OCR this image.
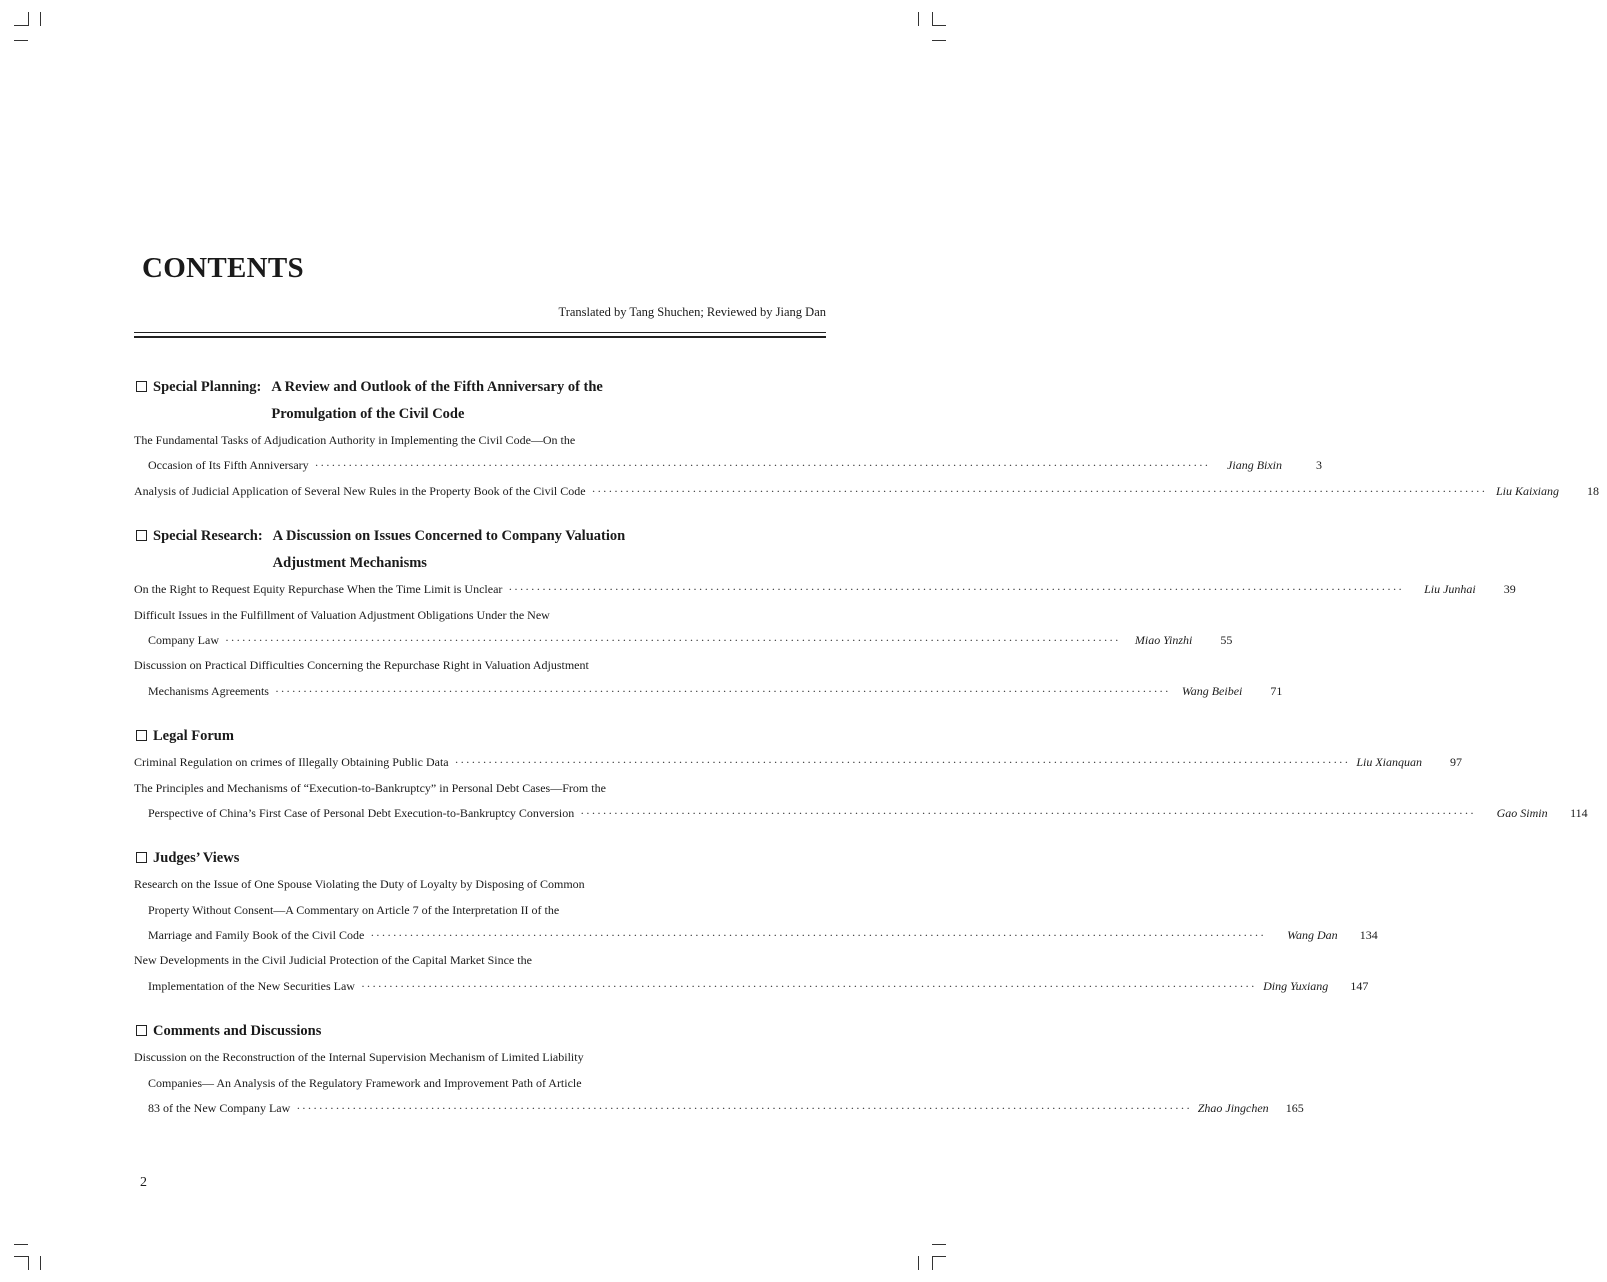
CONTENTS
Translated by Tang Shuchen; Reviewed by Jiang Dan
Special Planning: A Review and Outlook of the Fifth Anniversary of the
Promulgation of the Civil Code
The Fundamental Tasks of Adjudication Authority in Implementing the Civil Code—On the
Occasion of Its Fifth Anniversary ································································································································································	Jiang Bixin	3
Analysis of Judicial Application of Several New Rules in the Property Book of the Civil Code ································································································································································ Liu Kaixiang	18
Special Research: A Discussion on Issues Concerned to Company Valuation
Adjustment Mechanisms
On the Right to Request Equity Repurchase When the Time Limit is Unclear ································································································································································	Liu Junhai	39
Difficult Issues in the Fulfillment of Valuation Adjustment Obligations Under the New
Company Law ································································································································································	Miao Yinzhi	55
Discussion on Practical Difficulties Concerning the Repurchase Right in Valuation Adjustment
Mechanisms Agreements ································································································································································ Wang Beibei	71
Legal Forum
Criminal Regulation on crimes of Illegally Obtaining Public Data ································································································································································ Liu Xianquan	97
The Principles and Mechanisms of “Execution-to-Bankruptcy” in Personal Debt Cases—From the
Perspective of China’s First Case of Personal Debt Execution-to-Bankruptcy Conversion ································································································································································	Gao Simin	114
Judges’ Views
Research on the Issue of One Spouse Violating the Duty of Loyalty by Disposing of Common
Property Without Consent—A Commentary on Article 7 of the Interpretation II of the
Marriage and Family Book of the Civil Code ································································································································································	Wang Dan	134
New Developments in the Civil Judicial Protection of the Capital Market Since the
Implementation of the New Securities Law ································································································································································ Ding Yuxiang	147
Comments and Discussions
Discussion on the Reconstruction of the Internal Supervision Mechanism of Limited Liability
Companies— An Analysis of the Regulatory Framework and Improvement Path of Article
83 of the New Company Law ································································································································································ Zhao Jingchen	165
2
